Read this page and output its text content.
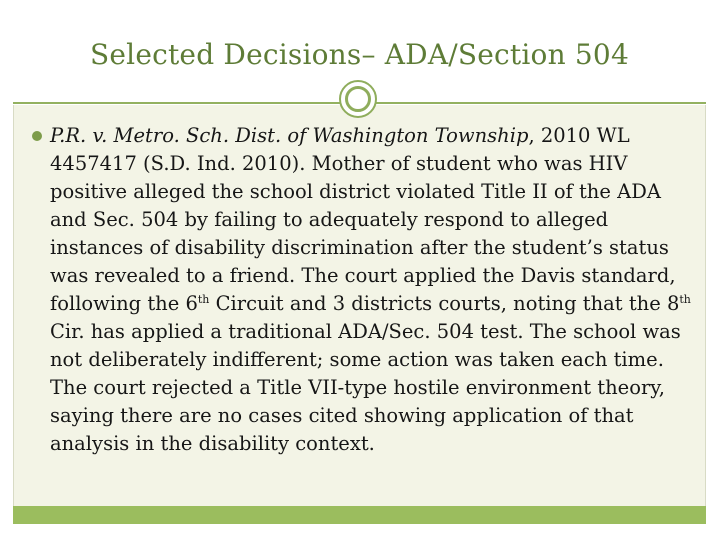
Selected Decisions– ADA/Section 504

P.R. v. Metro. Sch. Dist. of Washington Township, 2010 WL 4457417 (S.D. Ind. 2010). Mother of student who was HIV positive alleged the school district violated Title II of the ADA and Sec. 504 by failing to adequately respond to alleged instances of disability discrimination after the student’s status was revealed to a friend. The court applied the Davis standard, following the 6th Circuit and 3 districts courts, noting that the 8th Cir. has applied a traditional ADA/Sec. 504 test. The school was not deliberately indifferent; some action was taken each time. The court rejected a Title VII-type hostile environment theory, saying there are no cases cited showing application of that analysis in the disability context.
